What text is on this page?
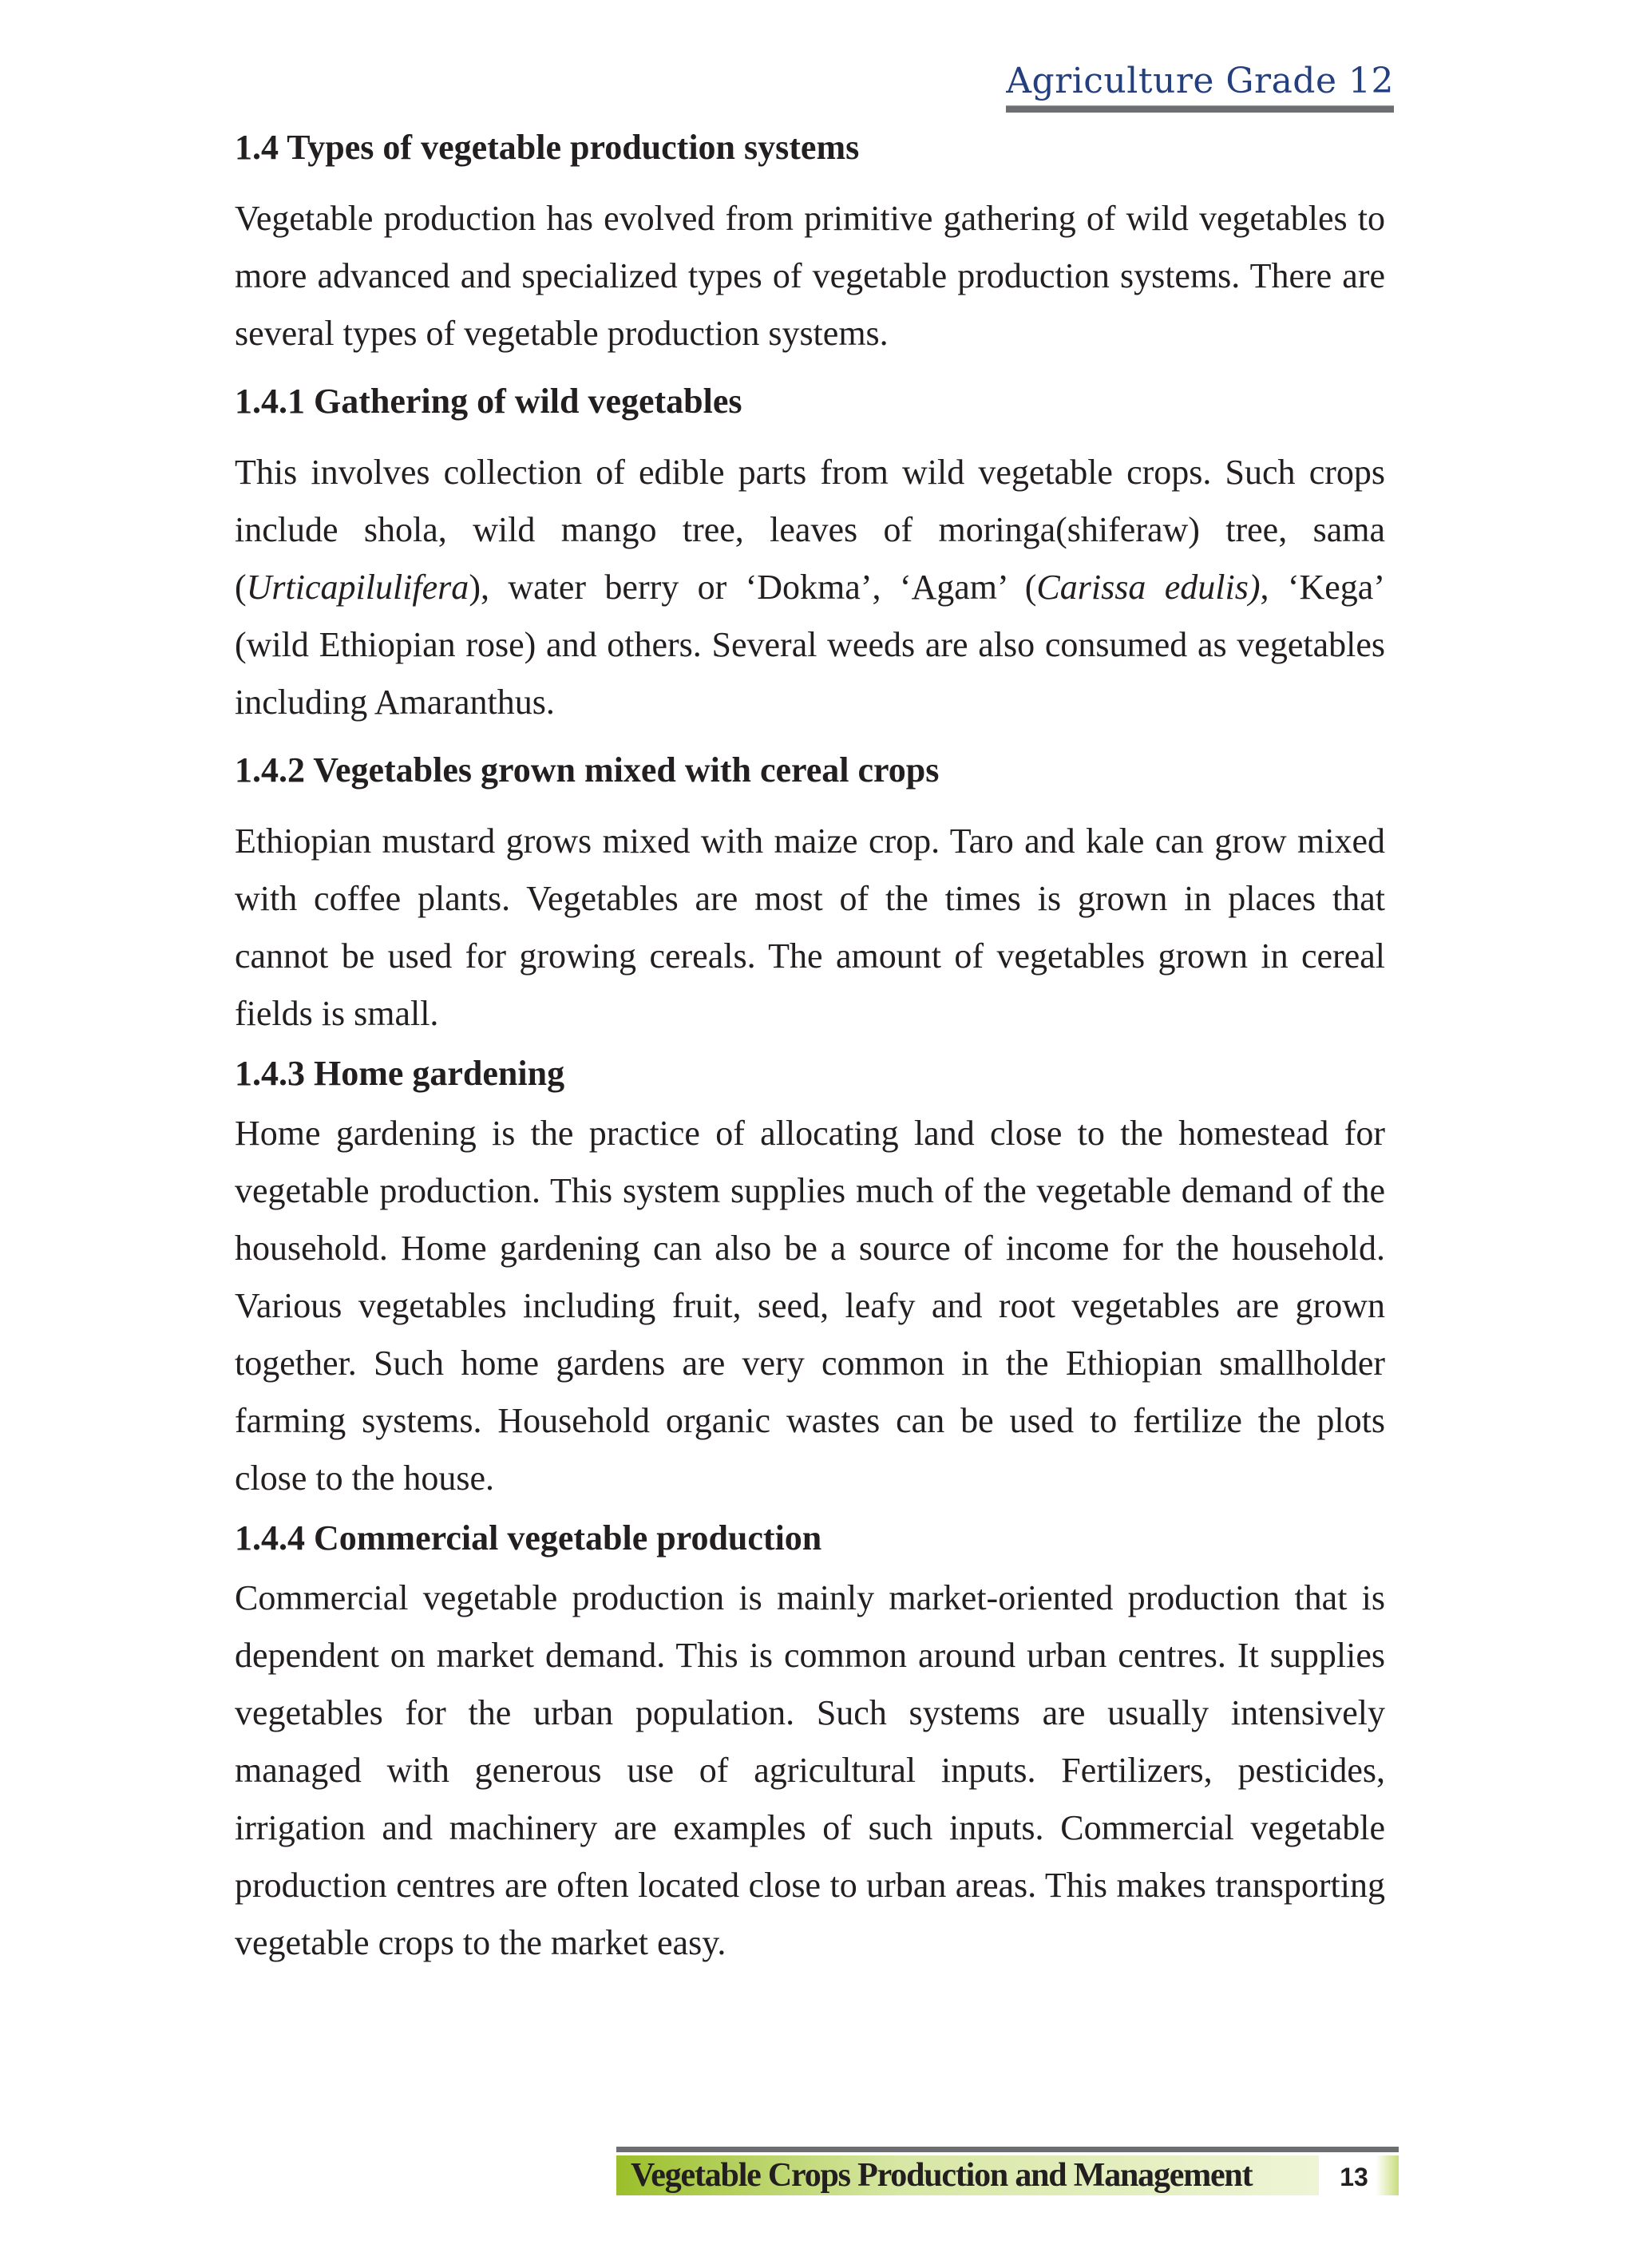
Agriculture Grade 12
1.4 Types of vegetable production systems

Vegetable production has evolved from primitive gathering of wild vegetables to more advanced and specialized types of vegetable production systems. There are several types of vegetable production systems.

1.4.1 Gathering of wild vegetables

This involves collection of edible parts from wild vegetable crops. Such crops include shola, wild mango tree, leaves of moringa(shiferaw) tree, sama (Urticapilulifera), water berry or ‘Dokma’, ‘Agam’ (Carissa edulis), ‘Kega’ (wild Ethiopian rose) and others. Several weeds are also consumed as vegetables including Amaranthus.

1.4.2 Vegetables grown mixed with cereal crops

Ethiopian mustard grows mixed with maize crop. Taro and kale can grow mixed with coffee plants. Vegetables are most of the times is grown in places that cannot be used for growing cereals. The amount of vegetables grown in cereal fields is small.

1.4.3 Home gardening

Home gardening is the practice of allocating land close to the homestead for vegetable production. This system supplies much of the vegetable demand of the household. Home gardening can also be a source of income for the household. Various vegetables including fruit, seed, leafy and root vegetables are grown together. Such home gardens are very common in the Ethiopian smallholder farming systems. Household organic wastes can be used to fertilize the plots close to the house.

1.4.4 Commercial vegetable production

Commercial vegetable production is mainly market-oriented production that is dependent on market demand. This is common around urban centres. It supplies vegetables for the urban population. Such systems are usually intensively managed with generous use of agricultural inputs. Fertilizers, pesticides, irrigation and machinery are examples of such inputs. Commercial vegetable production centres are often located close to urban areas. This makes transporting vegetable crops to the market easy.

Vegetable Crops Production and Management	13
